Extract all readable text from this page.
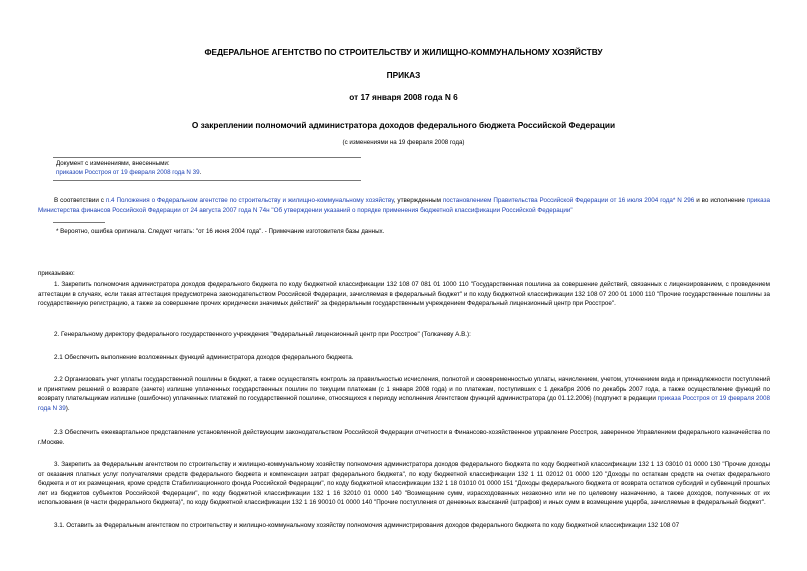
ФЕДЕРАЛЬНОЕ АГЕНТСТВО ПО СТРОИТЕЛЬСТВУ И ЖИЛИЩНО-КОММУНАЛЬНОМУ ХОЗЯЙСТВУ
ПРИКАЗ
от 17 января 2008 года N 6
О закреплении полномочий администратора доходов федерального бюджета Российской Федерации
(с изменениями на 19 февраля 2008 года)
Документ с изменениями, внесенными:
приказом Росстроя от 19 февраля 2008 года N 39.
В соответствии с п.4 Положения о Федеральном агентстве по строительству и жилищно-коммунальному хозяйству, утвержденным постановлением Правительства Российской Федерации от 16 июля 2004 года* N 296 и во исполнение приказа Министерства финансов Российской Федерации от 24 августа 2007 года N 74н "Об утверждении указаний о порядке применения бюджетной классификации Российской Федерации"
* Вероятно, ошибка оригинала. Следует читать: "от 16 июня 2004 года". - Примечание изготовителя базы данных.
приказываю:
1. Закрепить полномочия администратора доходов федерального бюджета по коду бюджетной классификации 132 108 07 081 01 1000 110 "Государственная пошлина за совершение действий, связанных с лицензированием, с проведением аттестации в случаях, если такая аттестация предусмотрена законодательством Российской Федерации, зачисляемая в федеральный бюджет" и по коду бюджетной классификации 132 108 07 200 01 1000 110 "Прочие государственные пошлины за государственную регистрацию, а также за совершение прочих юридически значимых действий" за федеральным государственным учреждением Федеральный лицензионный центр при Росстрое".
2. Генеральному директору федерального государственного учреждения "Федеральный лицензионный центр при Росстрое" (Толкачеву А.В.):
2.1 Обеспечить выполнение возложенных функций администратора доходов федерального бюджета.
2.2 Организовать учет уплаты государственной пошлины в бюджет, а также осуществлять контроль за правильностью исчисления, полнотой и своевременностью уплаты, начислением, учетом, уточнением вида и принадлежности поступлений и принятием решений о возврате (зачете) излишне уплаченных государственных пошлин по текущим платежам (с 1 января 2008 года) и по платежам, поступивших с 1 декабря 2006 по декабрь 2007 года, а также осуществление функций по возврату плательщикам излишне (ошибочно) уплаченных платежей по государственной пошлине, относящихся к периоду исполнения Агентством функций администратора (до 01.12.2006) (подпункт в редакции приказа Росстроя от 19 февраля 2008 года N 39).
2.3 Обеспечить ежеквартальное представление установленной действующим законодательством Российской Федерации отчетности в Финансово-хозяйственное управление Росстроя, заверенное Управлением федерального казначейства по г.Москве.
3. Закрепить за Федеральным агентством по строительству и жилищно-коммунальному хозяйству полномочия администратора доходов федерального бюджета по коду бюджетной классификации 132 1 13 03010 01 0000 130 "Прочие доходы от оказания платных услуг получателями средств федерального бюджета и компенсации затрат федерального бюджета", по коду бюджетной классификации 132 1 11 02012 01 0000 120 "Доходы по остаткам средств на счетах федерального бюджета и от их размещения, кроме средств Стабилизационного фонда Российской Федерации", по коду бюджетной классификации 132 1 18 01010 01 0000 151 "Доходы федерального бюджета от возврата остатков субсидий и субвенций прошлых лет из бюджетов субъектов Российской Федерации", по коду бюджетной классификации 132 1 16 32010 01 0000 140 "Возмещение сумм, израсходованных незаконно или не по целевому назначению, а также доходов, полученных от их использования (в части федерального бюджета)", по коду бюджетной классификации 132 1 16 90010 01 0000 140 "Прочие поступления от денежных взысканий (штрафов) и иных сумм в возмещение ущерба, зачисляемые в федеральный бюджет".
3.1. Оставить за Федеральным агентством по строительству и жилищно-коммунальному хозяйству полномочия администрирования доходов федерального бюджета по коду бюджетной классификации 132 108 07
